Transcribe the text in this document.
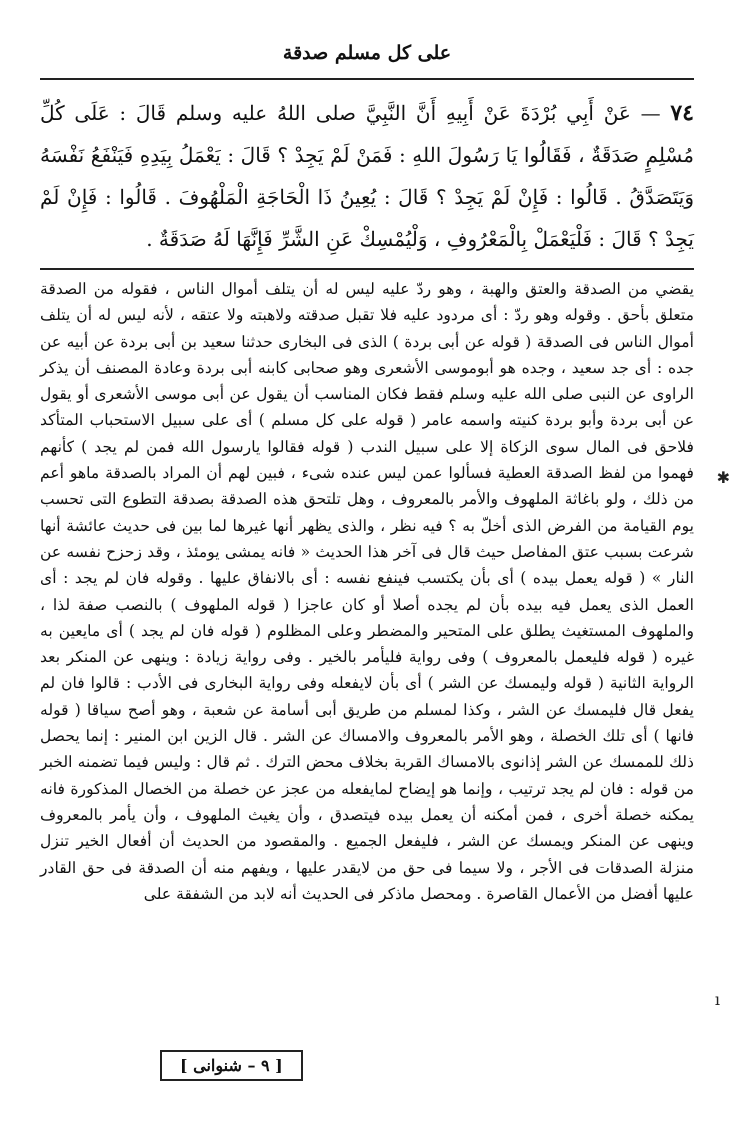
على كل مسلم صدقة
٧٤ — عَنْ أَبِي بُرْدَةَ عَنْ أَبِيهِ أَنَّ النَّبِيَّ صلى اللهُ عليه وسلم قَالَ : عَلَى كُلِّ مُسْلِمٍ صَدَقَةٌ ، فَقَالُوا يَا رَسُولَ اللهِ : فَمَنْ لَمْ يَجِدْ ؟ قَالَ : يَعْمَلُ بِيَدِهِ فَيَنْفَعُ نَفْسَهُ وَيَتَصَدَّقُ . قَالُوا : فَإِنْ لَمْ يَجِدْ ؟ قَالَ : يُعِينُ ذَا الْحَاجَةِ الْمَلْهُوفَ . قَالُوا : فَإِنْ لَمْ يَجِدْ ؟ قَالَ : فَلْيَعْمَلْ بِالْمَعْرُوفِ ، وَلْيُمْسِكْ عَنِ الشَّرِّ فَإِنَّهَا لَهُ صَدَقَةٌ .
يقضي من الصدقة والعتق والهبة ، وهو ردّ عليه ليس له أن يتلف أموال الناس ، فقوله من الصدقة متعلق بأحق . وقوله وهو ردّ : أى مردود عليه فلا تقبل صدقته ولاهبته ولا عتقه ، لأنه ليس له أن يتلف أموال الناس فى الصدقة ( قوله عن أبى بردة ) الذى فى البخارى حدثنا سعيد بن أبى بردة عن أبيه عن جده : أى جد سعيد ، وجده هو أبوموسى الأشعرى وهو صحابى كابنه أبى بردة وعادة المصنف أن يذكر الراوى عن النبى صلى الله عليه وسلم فقط فكان المناسب أن يقول عن أبى موسى الأشعرى أو يقول عن أبى بردة وأبو بردة كنيته واسمه عامر ( قوله على كل مسلم ) أى على سبيل الاستحباب المتأكد فلاحق فى المال سوى الزكاة إلا على سبيل الندب ( قوله فقالوا يارسول الله فمن لم يجد ) كأنهم فهموا من لفظ الصدقة العطية فسألوا عمن ليس عنده شىء ، فبين لهم أن المراد بالصدقة ماهو أعم من ذلك ، ولو باغاثة الملهوف والأمر بالمعروف ، وهل تلتحق هذه الصدقة بصدقة التطوع التى تحسب يوم القيامة من الفرض الذى أخلّ به ؟ فيه نظر ، والذى يظهر أنها غيرها لما بين فى حديث عائشة أنها شرعت بسبب عتق المفاصل حيث قال فى آخر هذا الحديث « فانه يمشى يومئذ ، وقد زحزح نفسه عن النار » ( قوله يعمل بيده ) أى بأن يكتسب فينفع نفسه : أى بالانفاق عليها . وقوله فان لم يجد : أى العمل الذى يعمل فيه بيده بأن لم يجده أصلا أو كان عاجزا ( قوله الملهوف ) بالنصب صفة لذا ، والملهوف المستغيث يطلق على المتحير والمضطر وعلى المظلوم ( قوله فان لم يجد ) أى مايعين به غيره ( قوله فليعمل بالمعروف ) وفى رواية فليأمر بالخير . وفى رواية زيادة : وينهى عن المنكر بعد الرواية الثانية ( قوله وليمسك عن الشر ) أى بأن لايفعله وفى رواية البخارى فى الأدب : قالوا فان لم يفعل قال فليمسك عن الشر ، وكذا لمسلم من طريق أبى أسامة عن شعبة ، وهو أصح سياقا ( قوله فانها ) أى تلك الخصلة ، وهو الأمر بالمعروف والامساك عن الشر . قال الزين ابن المنير : إنما يحصل ذلك للممسك عن الشر إذانوى بالامساك القربة بخلاف محض الترك . ثم قال : وليس فيما تضمنه الخبر من قوله : فان لم يجد ترتيب ، وإنما هو إيضاح لمايفعله من عجز عن خصلة من الخصال المذكورة فانه يمكنه خصلة أخرى ، فمن أمكنه أن يعمل بيده فيتصدق ، وأن يغيث الملهوف ، وأن يأمر بالمعروف وينهى عن المنكر ويمسك عن الشر ، فليفعل الجميع . والمقصود من الحديث أن أفعال الخير تنزل منزلة الصدقات فى الأجر ، ولا سيما فى حق من لايقدر عليها ، ويفهم منه أن الصدقة فى حق القادر عليها أفضل من الأعمال القاصرة . ومحصل ماذكر فى الحديث أنه لابد من الشفقة على
[ ٩ – شنوانى ]
✱
ı
